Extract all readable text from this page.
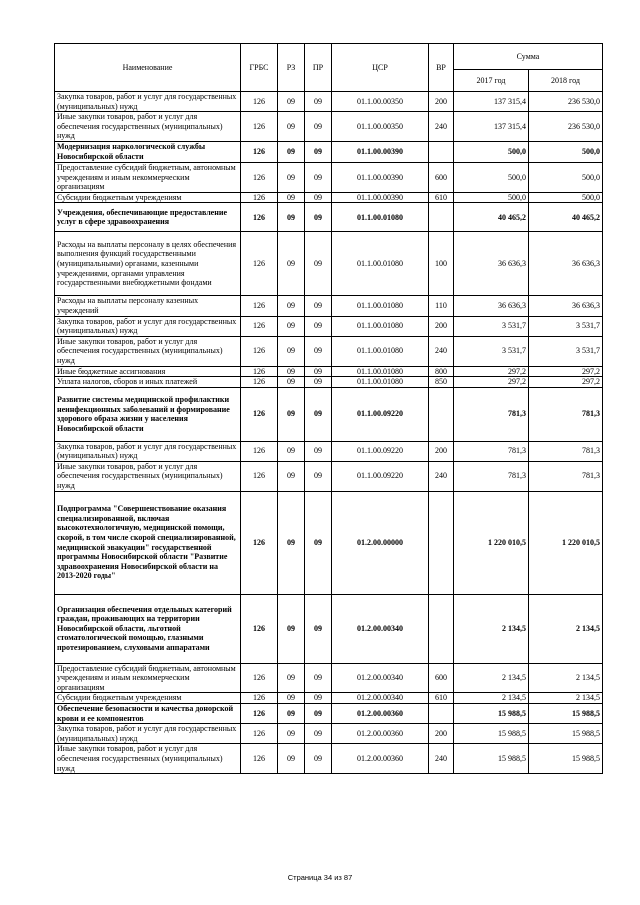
Наименование	ГРБС	РЗ	ПР	ЦСР	ВР	Сумма	
						2017 год	2018 год
Закупка товаров, работ и услуг для государственных (муниципальных) нужд	126	09	09	01.1.00.00350	200	137 315,4	236 530,0
Иные закупки товаров, работ и услуг для обеспечения государственных (муниципальных) нужд	126	09	09	01.1.00.00350	240	137 315,4	236 530,0
Модернизация наркологической службы Новосибирской области	126	09	09	01.1.00.00390		500,0	500,0
Предоставление субсидий бюджетным, автономным учреждениям и иным некоммерческим организациям	126	09	09	01.1.00.00390	600	500,0	500,0
Субсидии бюджетным учреждениям	126	09	09	01.1.00.00390	610	500,0	500,0
Учреждения, обеспечивающие предоставление услуг в сфере здравоохранения	126	09	09	01.1.00.01080		40 465,2	40 465,2
Расходы на выплаты персоналу в целях обеспечения выполнения функций государственными (муниципальными) органами, казенными учреждениями, органами управления государственными внебюджетными фондами	126	09	09	01.1.00.01080	100	36 636,3	36 636,3
Расходы на выплаты персоналу казенных учреждений	126	09	09	01.1.00.01080	110	36 636,3	36 636,3
Закупка товаров, работ и услуг для государственных (муниципальных) нужд	126	09	09	01.1.00.01080	200	3 531,7	3 531,7
Иные закупки товаров, работ и услуг для обеспечения государственных (муниципальных) нужд	126	09	09	01.1.00.01080	240	3 531,7	3 531,7
Иные бюджетные ассигнования	126	09	09	01.1.00.01080	800	297,2	297,2
Уплата налогов, сборов и иных платежей	126	09	09	01.1.00.01080	850	297,2	297,2
Развитие системы медицинской профилактики неинфекционных заболеваний и формирование здорового образа жизни у населения Новосибирской области	126	09	09	01.1.00.09220		781,3	781,3
Закупка товаров, работ и услуг для государственных (муниципальных) нужд	126	09	09	01.1.00.09220	200	781,3	781,3
Иные закупки товаров, работ и услуг для обеспечения государственных (муниципальных) нужд	126	09	09	01.1.00.09220	240	781,3	781,3
Подпрограмма "Совершенствование оказания специализированной, включая высокотехнологичную, медицинской помощи, скорой, в том числе скорой специализированной, медицинской эвакуации" государственной программы Новосибирской области "Развитие здравоохранения Новосибирской области на 2013-2020 годы"	126	09	09	01.2.00.00000		1 220 010,5	1 220 010,5
Организация обеспечения отдельных категорий граждан, проживающих на территории Новосибирской области, льготной стоматологической помощью, глазными протезированием, слуховыми аппаратами	126	09	09	01.2.00.00340		2 134,5	2 134,5
Предоставление субсидий бюджетным, автономным учреждениям и иным некоммерческим организациям	126	09	09	01.2.00.00340	600	2 134,5	2 134,5
Субсидии бюджетным учреждениям	126	09	09	01.2.00.00340	610	2 134,5	2 134,5
Обеспечение безопасности и качества донорской крови и ее компонентов	126	09	09	01.2.00.00360		15 988,5	15 988,5
Закупка товаров, работ и услуг для государственных (муниципальных) нужд	126	09	09	01.2.00.00360	200	15 988,5	15 988,5
Иные закупки товаров, работ и услуг для обеспечения государственных (муниципальных) нужд	126	09	09	01.2.00.00360	240	15 988,5	15 988,5
Страница 34 из 87
